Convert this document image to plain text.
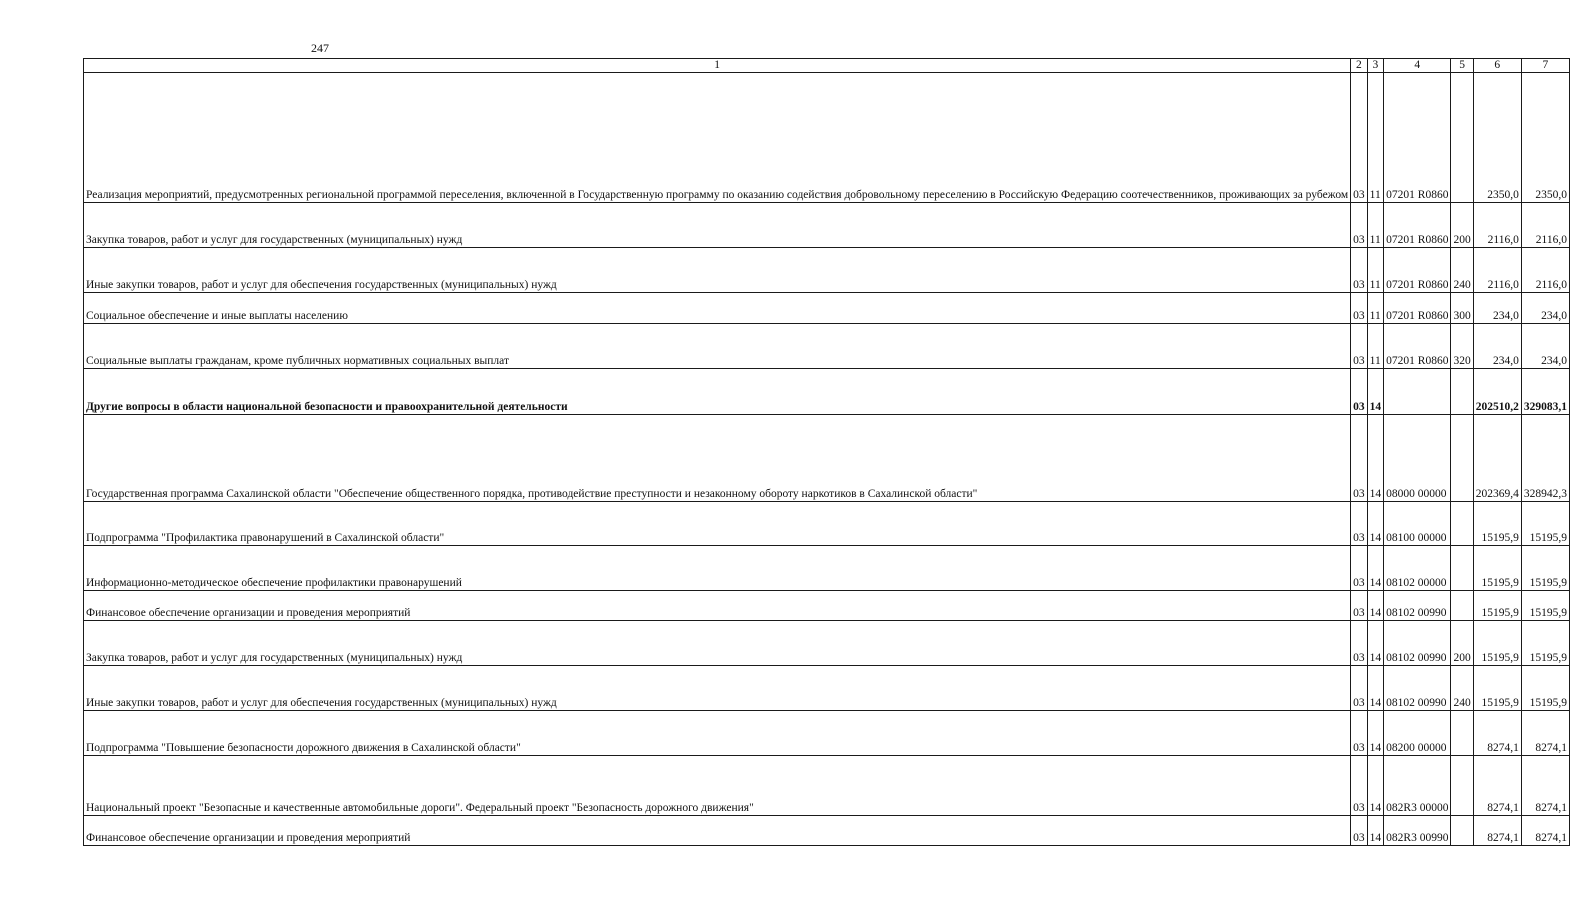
247
1	2	3	4	5	6	7
Реализация мероприятий, предусмотренных региональной программой переселения, включенной в Государственную программу по оказанию содействия добровольному переселению в Российскую Федерацию соотечественников, проживающих за рубежом	03	11	07201 R0860		2350,0	2350,0
Закупка товаров, работ и услуг для государственных (муниципальных) нужд	03	11	07201 R0860	200	2116,0	2116,0
Иные закупки товаров, работ и услуг для обеспечения государственных (муниципальных) нужд	03	11	07201 R0860	240	2116,0	2116,0
Социальное обеспечение и иные выплаты населению	03	11	07201 R0860	300	234,0	234,0
Социальные выплаты гражданам, кроме публичных нормативных социальных выплат	03	11	07201 R0860	320	234,0	234,0
Другие вопросы в области национальной безопасности и правоохранительной деятельности	03	14			202510,2	329083,1
Государственная программа Сахалинской области "Обеспечение общественного порядка, противодействие преступности и незаконному обороту наркотиков в Сахалинской области"	03	14	08000 00000		202369,4	328942,3
Подпрограмма "Профилактика правонарушений в Сахалинской области"	03	14	08100 00000		15195,9	15195,9
Информационно-методическое обеспечение профилактики правонарушений	03	14	08102 00000		15195,9	15195,9
Финансовое обеспечение организации и проведения мероприятий	03	14	08102 00990		15195,9	15195,9
Закупка товаров, работ и услуг для государственных (муниципальных) нужд	03	14	08102 00990	200	15195,9	15195,9
Иные закупки товаров, работ и услуг для обеспечения государственных (муниципальных) нужд	03	14	08102 00990	240	15195,9	15195,9
Подпрограмма "Повышение безопасности дорожного движения в Сахалинской области"	03	14	08200 00000		8274,1	8274,1
Национальный проект "Безопасные и качественные автомобильные дороги". Федеральный проект "Безопасность дорожного движения"	03	14	082R3 00000		8274,1	8274,1
Финансовое обеспечение организации и проведения мероприятий	03	14	082R3 00990		8274,1	8274,1
